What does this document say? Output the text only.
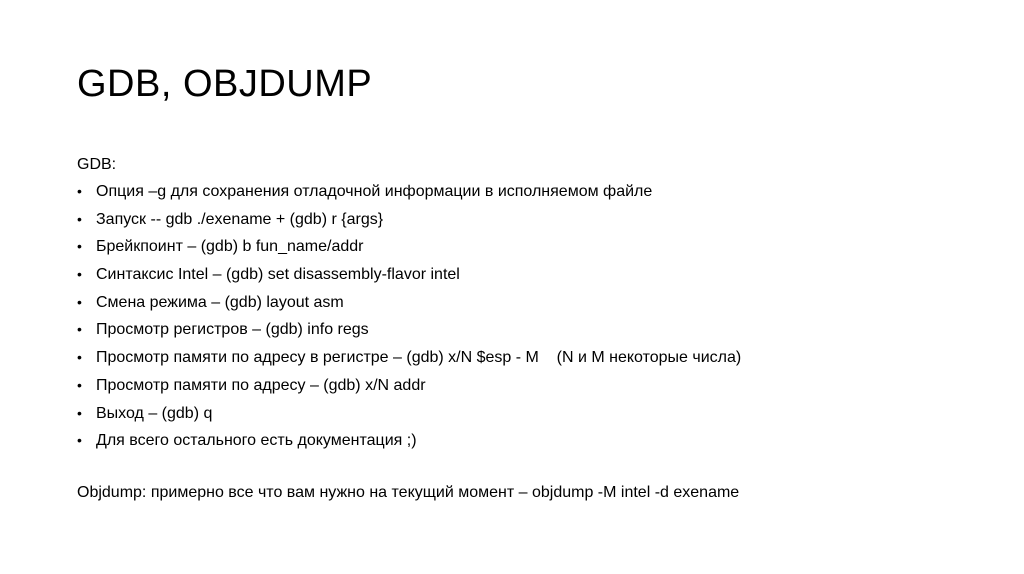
GDB, OBJDUMP
GDB:
• Опция –g для сохранения отладочной информации в исполняемом файле
• Запуск -- gdb ./exename + (gdb) r {args}
• Брейкпоинт – (gdb) b fun_name/addr
• Синтаксис Intel – (gdb) set disassembly-flavor intel
• Смена режима – (gdb) layout asm
• Просмотр регистров – (gdb) info regs
• Просмотр памяти по адресу в регистре – (gdb) x/N $esp - M    (N и M некоторые числа)
• Просмотр памяти по адресу – (gdb) x/N addr
• Выход – (gdb) q
• Для всего остального есть документация ;)
Objdump: примерно все что вам нужно на текущий момент – objdump -M intel -d exename
